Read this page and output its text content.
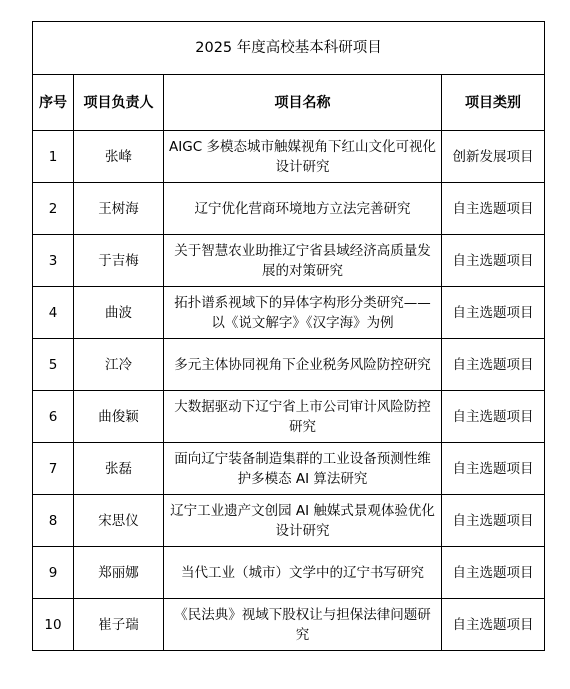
2025 年度高校基本科研项目			
序号	项目负责人	项目名称	项目类别
1	张峰	AIGC 多模态城市触媒视角下红山文化可视化设计研究	创新发展项目
2	王树海	辽宁优化营商环境地方立法完善研究	自主选题项目
3	于吉梅	关于智慧农业助推辽宁省县域经济高质量发展的对策研究	自主选题项目
4	曲波	拓扑谱系视域下的异体字构形分类研究——以《说文解字》《汉字海》为例	自主选题项目
5	江冷	多元主体协同视角下企业税务风险防控研究	自主选题项目
6	曲俊颖	大数据驱动下辽宁省上市公司审计风险防控研究	自主选题项目
7	张磊	面向辽宁装备制造集群的工业设备预测性维护多模态 AI 算法研究	自主选题项目
8	宋思仪	辽宁工业遗产文创园 AI 触媒式景观体验优化设计研究	自主选题项目
9	郑丽娜	当代工业（城市）文学中的辽宁书写研究	自主选题项目
10	崔子瑞	《民法典》视域下股权让与担保法律问题研究	自主选题项目
